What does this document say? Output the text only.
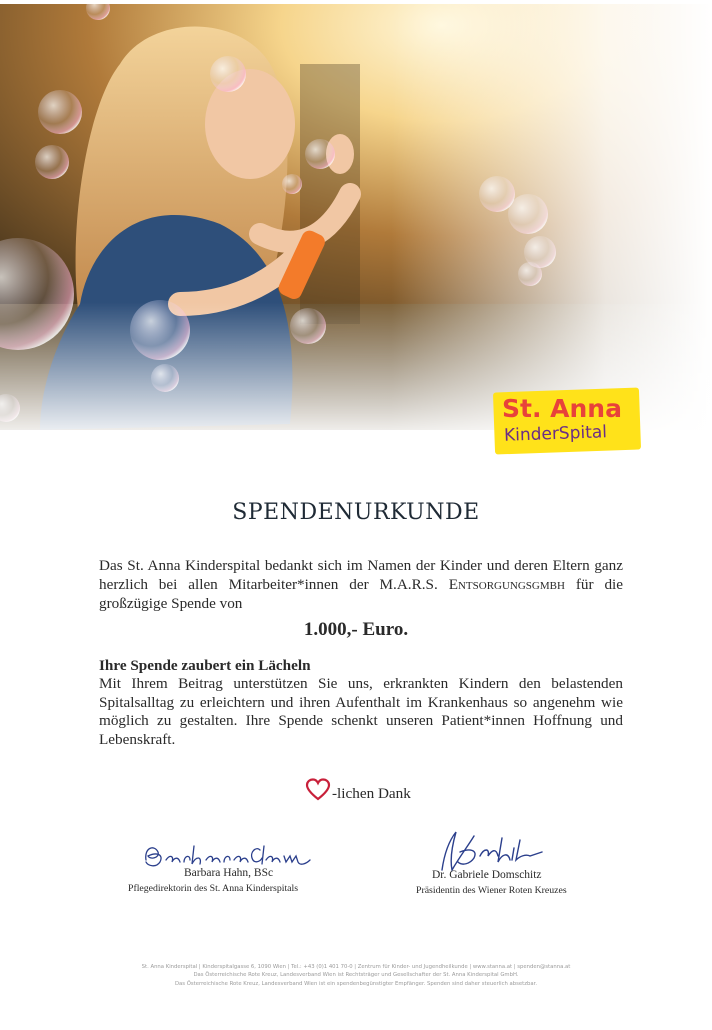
St. Anna
KinderSpital
SPENDENURKUNDE
Das St. Anna Kinderspital bedankt sich im Namen der Kinder und deren Eltern ganz herzlich bei allen Mitarbeiter*innen der M.A.R.S. Entsorgungsgmbh für die großzügige Spende von
1.000,- Euro.
Ihre Spende zaubert ein Lächeln
Mit Ihrem Beitrag unterstützen Sie uns, erkrankten Kindern den belastenden Spitalsalltag zu erleichtern und ihren Aufenthalt im Krankenhaus so angenehm wie möglich zu gestalten. Ihre Spende schenkt unseren Patient*innen Hoffnung und Lebenskraft.
-lichen Dank
Barbara Hahn, BSc
Pflegedirektorin des St. Anna Kinderspitals
Dr. Gabriele Domschitz
Präsidentin des Wiener Roten Kreuzes
St. Anna Kinderspital | Kinderspitalgasse 6, 1090 Wien | Tel.: +43 (0)1 401 70-0 | Zentrum für Kinder- und Jugendheilkunde | www.stanna.at | spenden@stanna.at
Das Österreichische Rote Kreuz, Landesverband Wien ist Rechtsträger und Gesellschafter der St. Anna Kinderspital GmbH.
Das Österreichische Rote Kreuz, Landesverband Wien ist ein spendenbegünstigter Empfänger. Spenden sind daher steuerlich absetzbar.
